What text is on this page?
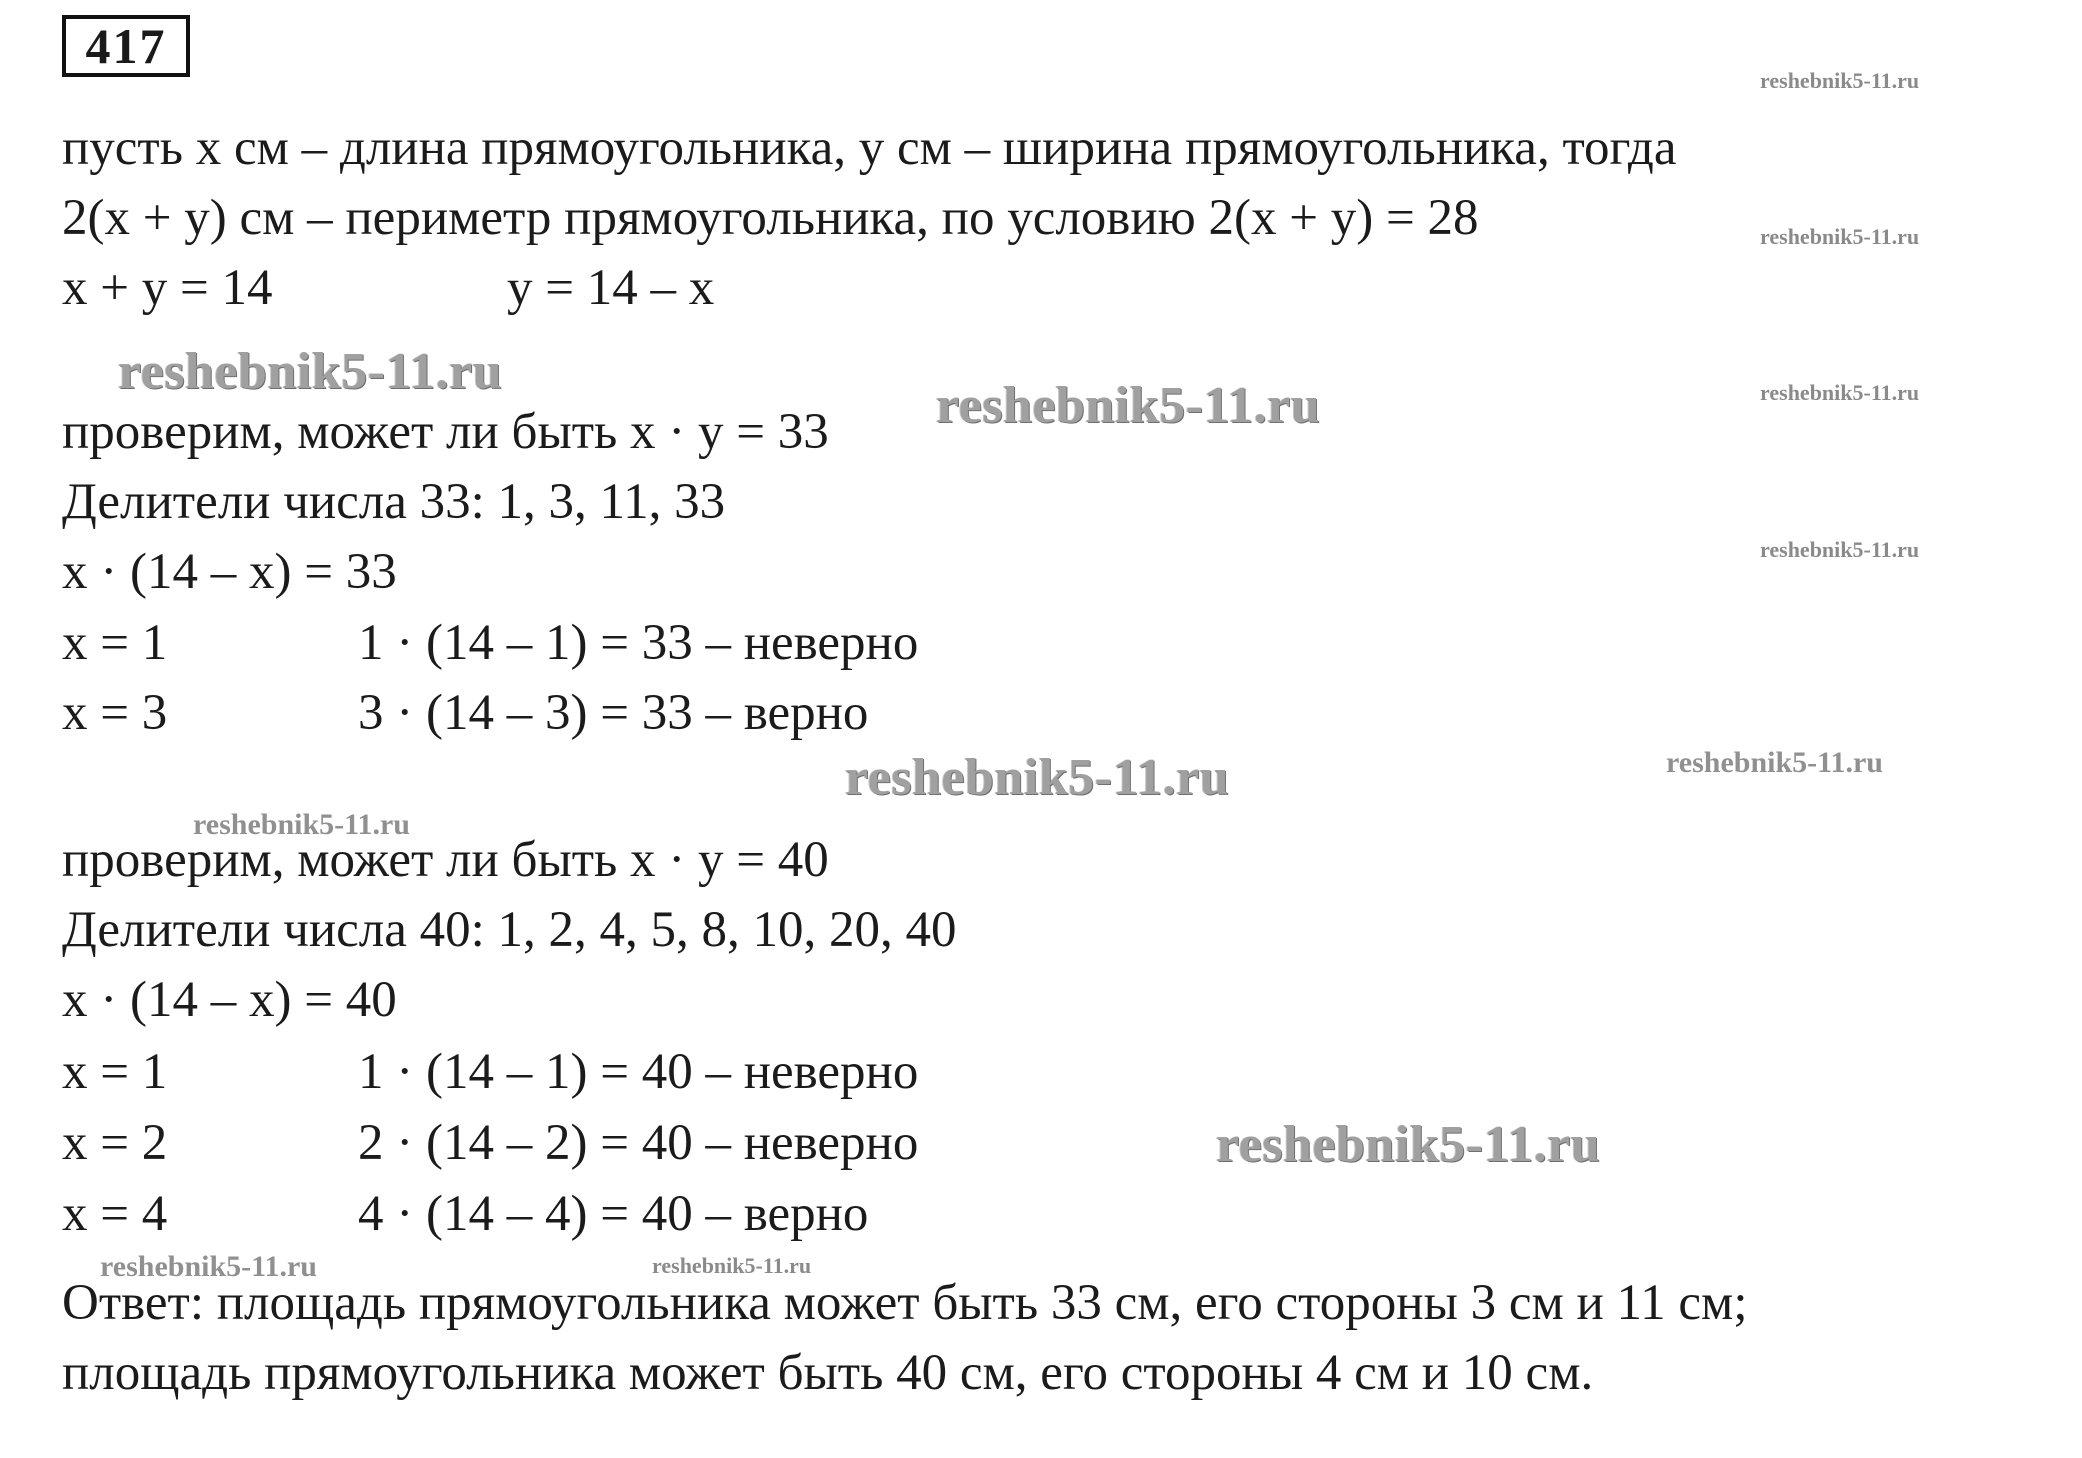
417
reshebnik5-11.ru
reshebnik5-11.ru
reshebnik5-11.ru
reshebnik5-11.ru
reshebnik5-11.ru
reshebnik5-11.ru
reshebnik5-11.ru	reshebnik5-11.ru
reshebnik5-11.ru
reshebnik5-11.ru
reshebnik5-11.ru
reshebnik5-11.ru
пусть x см – длина прямоугольника, y см – ширина прямоугольника, тогда
2(x + y) см – периметр прямоугольника, по условию 2(x + y) = 28
x + y = 14	y = 14 – x
проверим, может ли быть x · y = 33
Делители числа 33: 1, 3, 11, 33
x · (14 – x) = 33
x = 1	1 · (14 – 1) = 33 – неверно
x = 3	3 · (14 – 3) = 33 – верно
проверим, может ли быть x · y = 40
Делители числа 40: 1, 2, 4, 5, 8, 10, 20, 40
x · (14 – x) = 40
x = 1	1 · (14 – 1) = 40 – неверно
x = 2	2 · (14 – 2) = 40 – неверно
x = 4	4 · (14 – 4) = 40 – верно
Ответ: площадь прямоугольника может быть 33 см, его стороны 3 см и 11 см;
площадь прямоугольника может быть 40 см, его стороны 4 см и 10 см.
